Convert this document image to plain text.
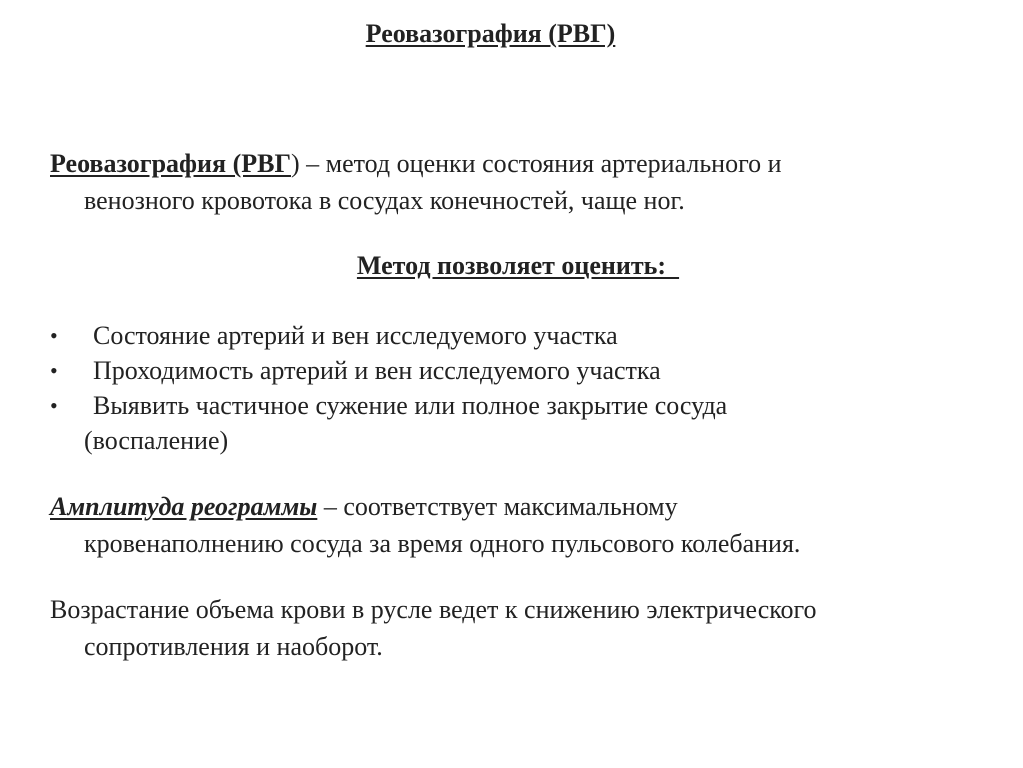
Реовазография (РВГ)

Реовазография (РВГ) – метод оценки состояния артериального и
венозного кровотока в сосудах конечностей, чаще ног.

Метод позволяет оценить:
• Состояние артерий и вен исследуемого участка
• Проходимость артерий и вен исследуемого участка
• Выявить частичное сужение или полное закрытие сосуда
(воспаление)

Амплитуда реограммы – соответствует максимальному
кровенаполнению сосуда за время одного пульсового колебания.

Возрастание объема крови в русле ведет к снижению электрического
сопротивления и наоборот.
